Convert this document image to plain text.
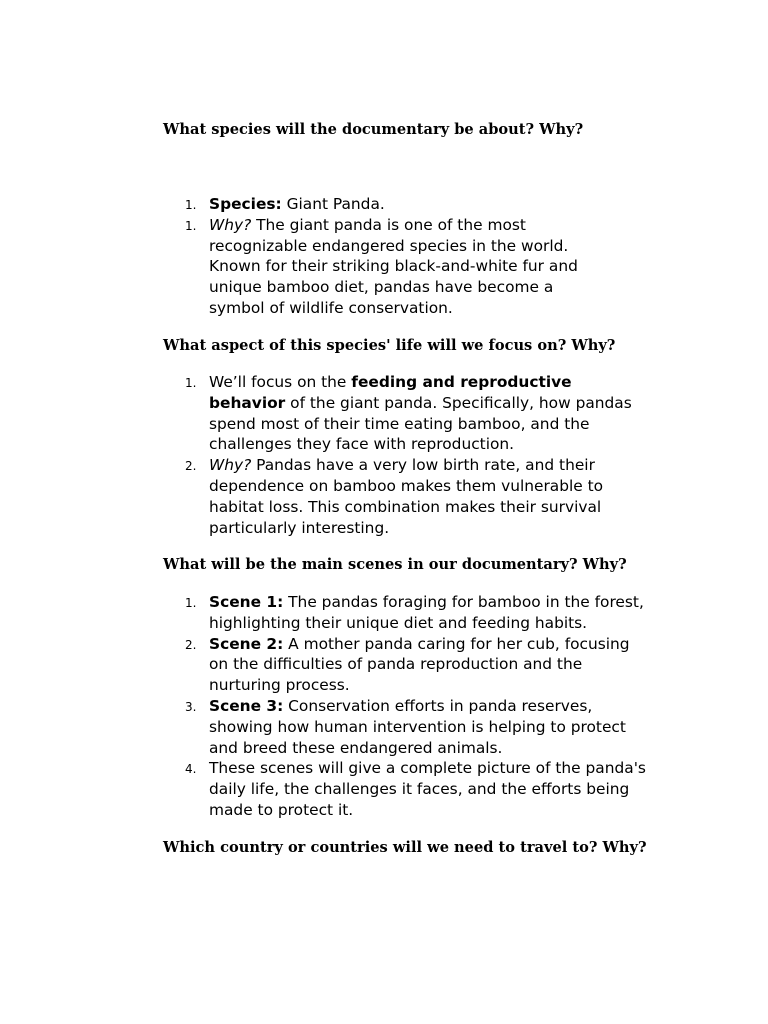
What species will the documentary be about? Why?
1. Species: Giant Panda.
1. Why? The giant panda is one of the most recognizable endangered species in the world. Known for their striking black-and-white fur and unique bamboo diet, pandas have become a symbol of wildlife conservation.
What aspect of this species' life will we focus on? Why?
1. We’ll focus on the feeding and reproductive behavior of the giant panda. Specifically, how pandas spend most of their time eating bamboo, and the challenges they face with reproduction.
2. Why? Pandas have a very low birth rate, and their dependence on bamboo makes them vulnerable to habitat loss. This combination makes their survival particularly interesting.
What will be the main scenes in our documentary? Why?
1. Scene 1: The pandas foraging for bamboo in the forest, highlighting their unique diet and feeding habits.
2. Scene 2: A mother panda caring for her cub, focusing on the difficulties of panda reproduction and the nurturing process.
3. Scene 3: Conservation efforts in panda reserves, showing how human intervention is helping to protect and breed these endangered animals.
4. These scenes will give a complete picture of the panda's daily life, the challenges it faces, and the efforts being made to protect it.
Which country or countries will we need to travel to? Why?
